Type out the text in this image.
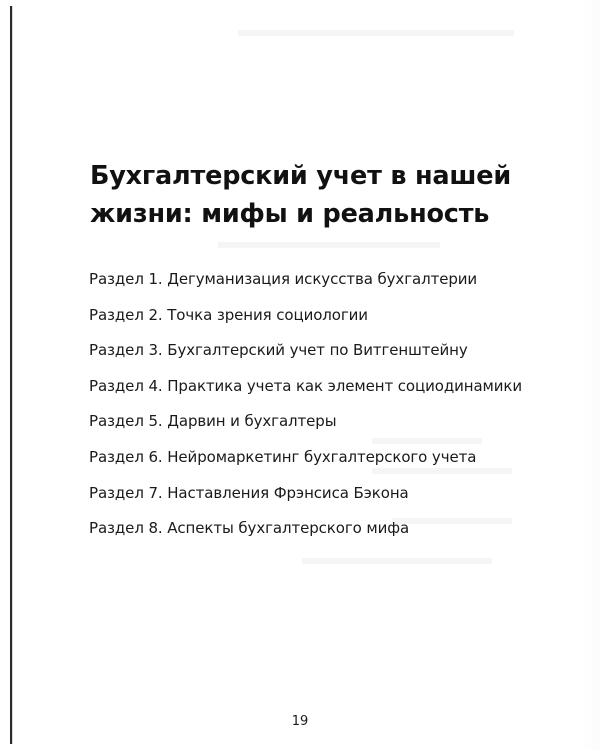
Бухгалтерский учет в нашей
жизни: мифы и реальность
Раздел 1. Дегуманизация искусства бухгалтерии
Раздел 2. Точка зрения социологии
Раздел 3. Бухгалтерский учет по Витгенштейну
Раздел 4. Практика учета как элемент социодинамики
Раздел 5. Дарвин и бухгалтеры
Раздел 6. Нейромаркетинг бухгалтерского учета
Раздел 7. Наставления Фрэнсиса Бэкона
Раздел 8. Аспекты бухгалтерского мифа
19
